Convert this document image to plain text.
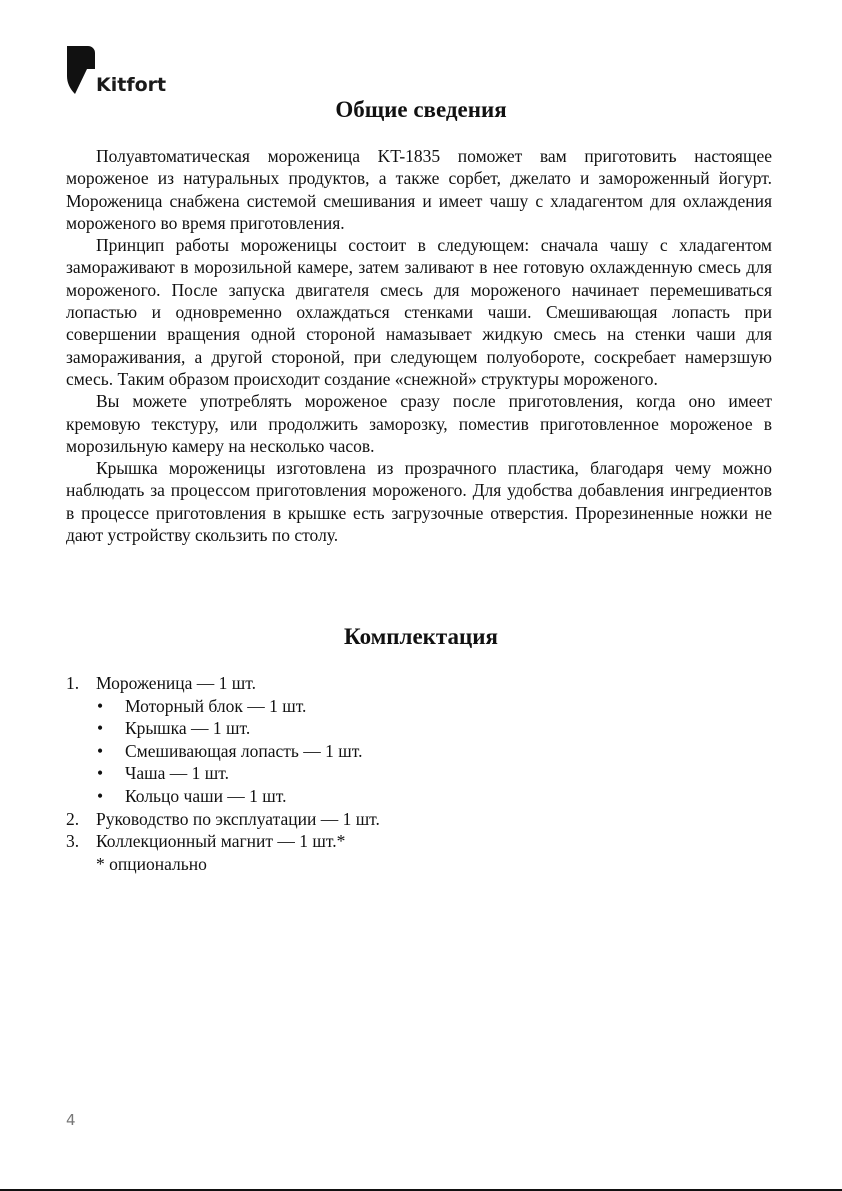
Kitfort
Общие сведения

Полуавтоматическая мороженица KT-1835 поможет вам приготовить настоящее мороженое из натуральных продуктов, а также сорбет, джелато и замороженный йогурт. Мороженица снабжена системой смешивания и имеет чашу с хладагентом для охлаждения мороженого во время приготовления.

Принцип работы мороженицы состоит в следующем: сначала чашу с хладагентом замораживают в морозильной камере, затем заливают в нее готовую охлажденную смесь для мороженого. После запуска двигателя смесь для мороженого начинает перемешиваться лопастью и одновременно охлаждаться стенками чаши. Смешивающая лопасть при совершении вращения одной стороной намазывает жидкую смесь на стенки чаши для замораживания, а другой стороной, при следующем полуобороте, соскребает намерзшую смесь. Таким образом происходит создание «снежной» структуры мороженого.

Вы можете употреблять мороженое сразу после приготовления, когда оно имеет кремовую текстуру, или продолжить заморозку, поместив приготовленное мороженое в морозильную камеру на несколько часов.

Крышка мороженицы изготовлена из прозрачного пластика, благодаря чему можно наблюдать за процессом приготовления мороженого. Для удобства добавления ингредиентов в процессе приготовления в крышке есть загрузочные отверстия. Прорезиненные ножки не дают устройству скользить по столу.

Комплектация
1. Мороженица — 1 шт.
• Моторный блок — 1 шт.
• Крышка — 1 шт.
• Смешивающая лопасть — 1 шт.
• Чаша — 1 шт.
• Кольцо чаши — 1 шт.
2. Руководство по эксплуатации — 1 шт.
3. Коллекционный магнит — 1 шт.*
* опционально
4
